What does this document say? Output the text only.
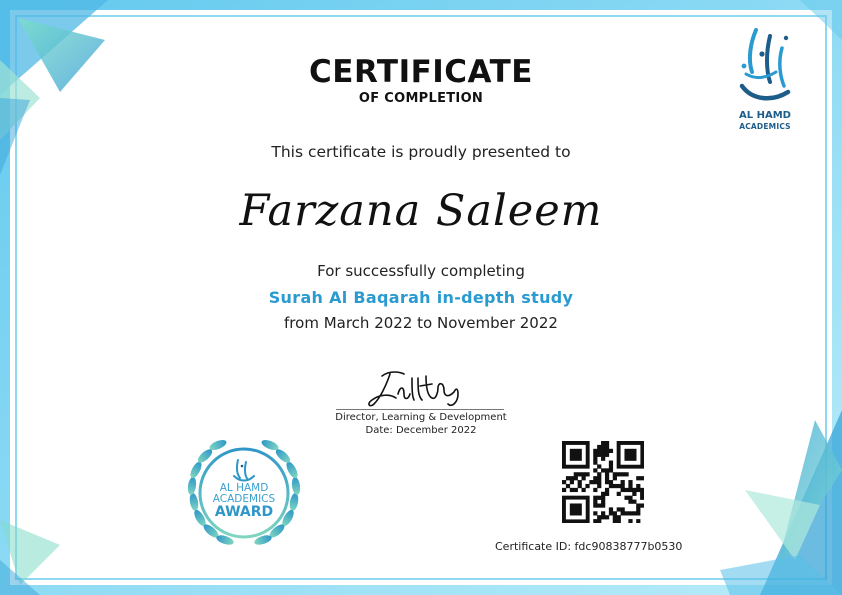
AL HAMD
ACADEMICS
CERTIFICATE
OF COMPLETION
This certificate is proudly presented to
Farzana Saleem
For successfully completing
Surah Al Baqarah in-depth study
from March 2022 to November 2022
Director, Learning & Development
Date: December 2022
AL HAMD
ACADEMICS
AWARD
Certificate ID: fdc90838777b0530
